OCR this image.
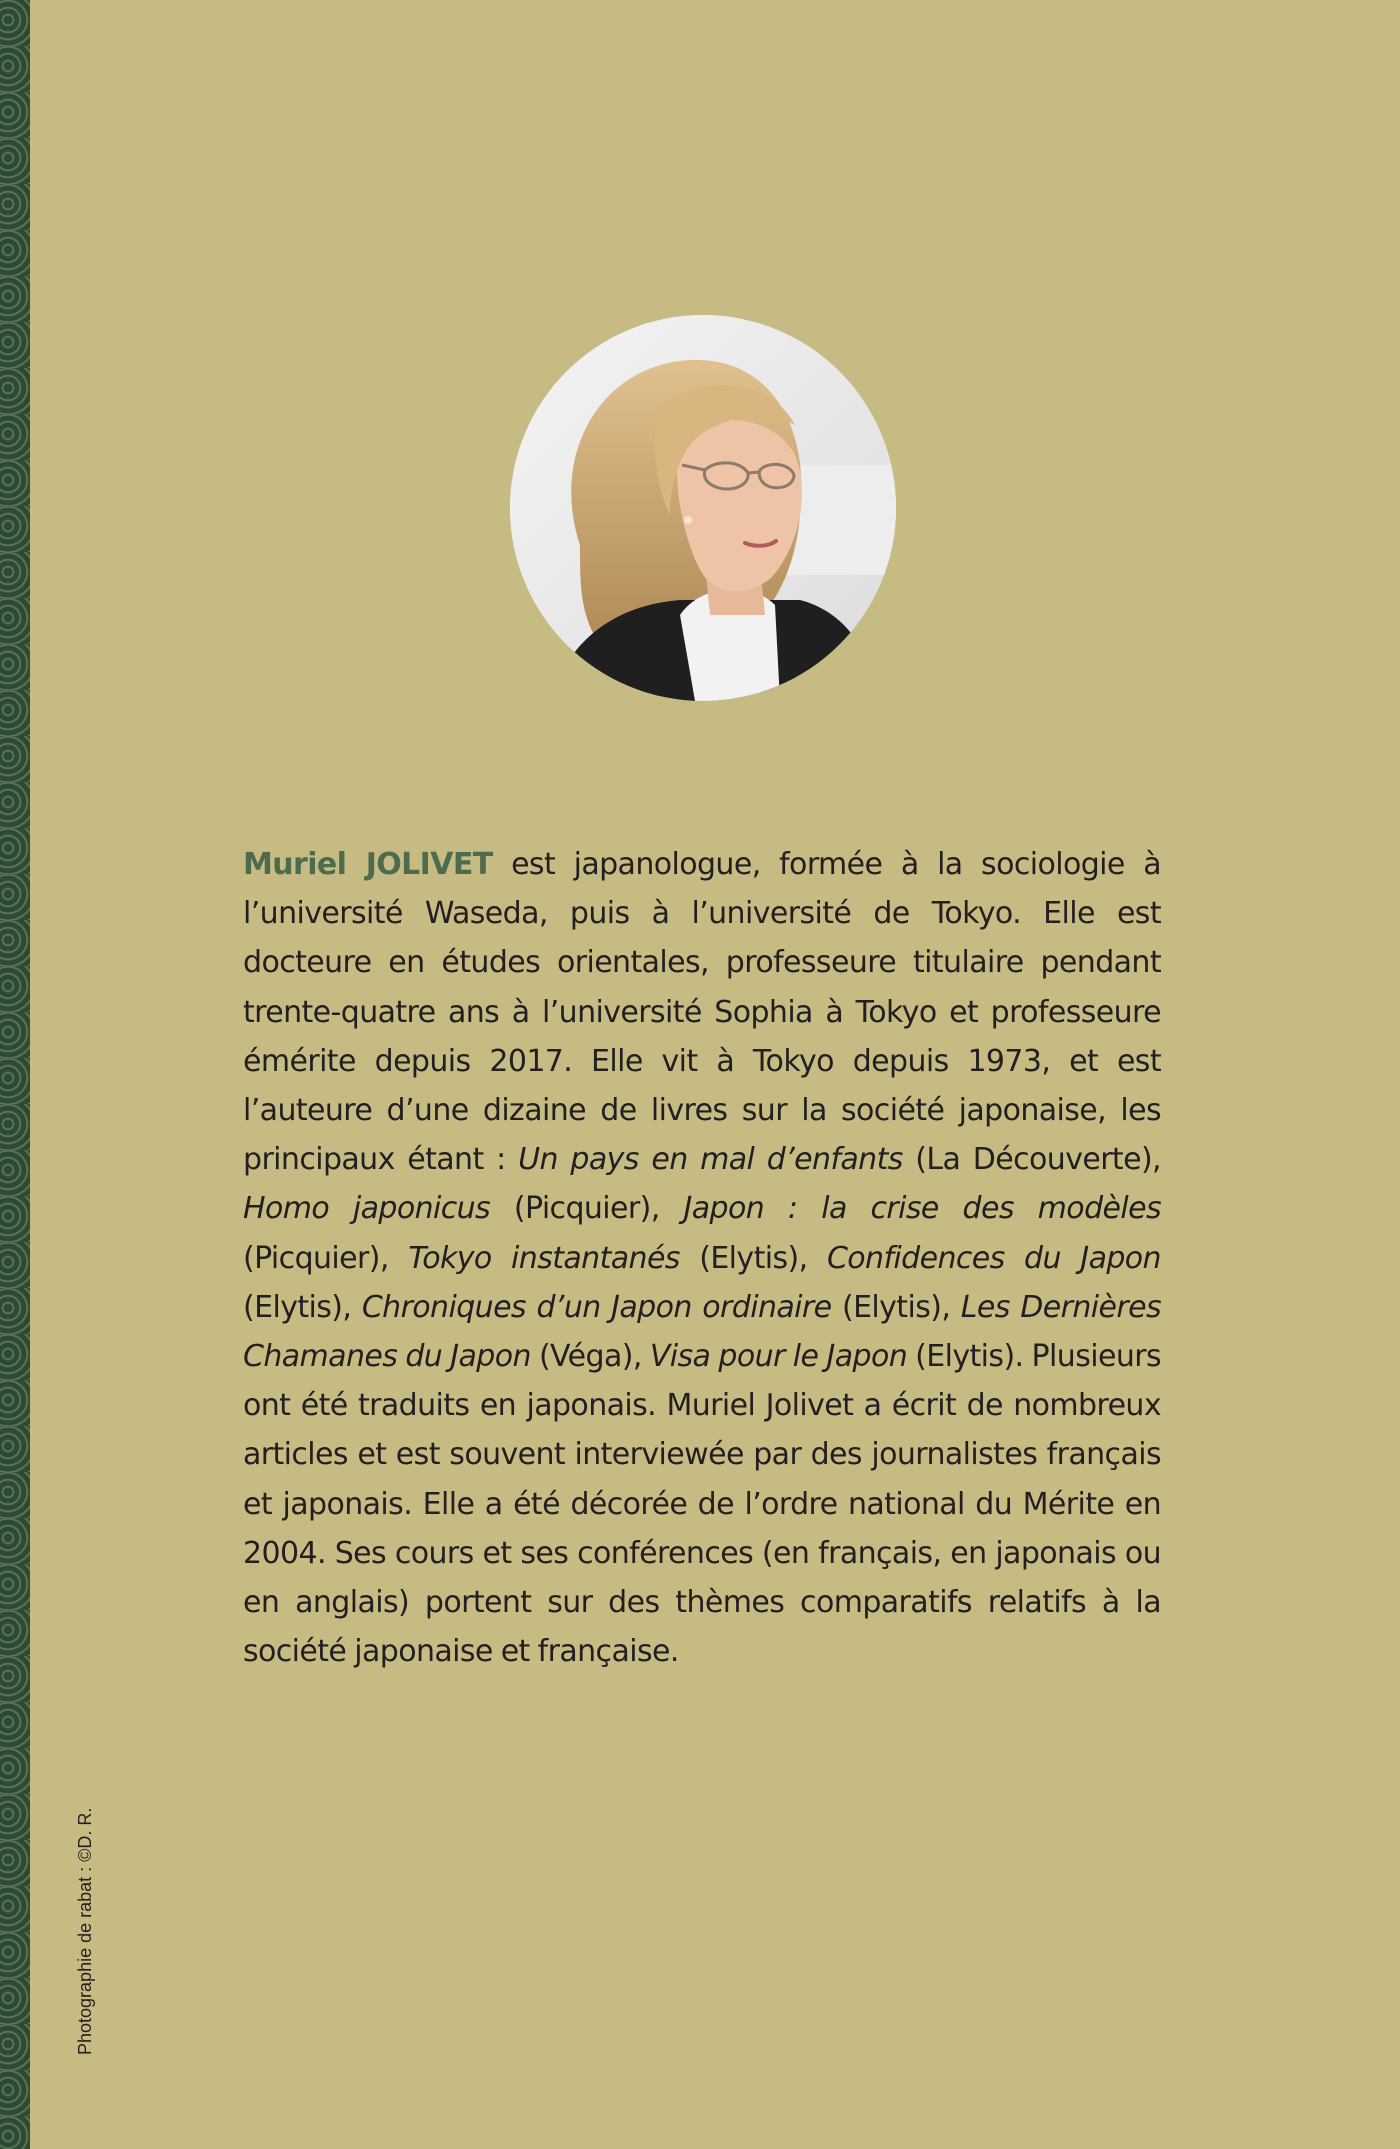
Muriel JOLIVET est japanologue, formée à la sociologie à l’université Waseda, puis à l’université de Tokyo. Elle est docteure en études orientales, professeure titulaire pendant trente-quatre ans à l’université Sophia à Tokyo et professeure émérite depuis 2017. Elle vit à Tokyo depuis 1973, et est l’auteure d’une dizaine de livres sur la société japonaise, les principaux étant : Un pays en mal d’enfants (La Découverte), Homo japonicus (Picquier), Japon : la crise des modèles (Picquier), Tokyo instantanés (Elytis), Confidences du Japon (Elytis), Chroniques d’un Japon ordinaire (Elytis), Les Dernières Chamanes du Japon (Véga), Visa pour le Japon (Elytis). Plusieurs ont été traduits en japonais. Muriel Jolivet a écrit de nombreux articles et est souvent interviewée par des journalistes français et japonais. Elle a été décorée de l’ordre national du Mérite en 2004. Ses cours et ses conférences (en français, en japonais ou en anglais) portent sur des thèmes comparatifs relatifs à la société japonaise et française.

Photographie de rabat : ©D. R.
